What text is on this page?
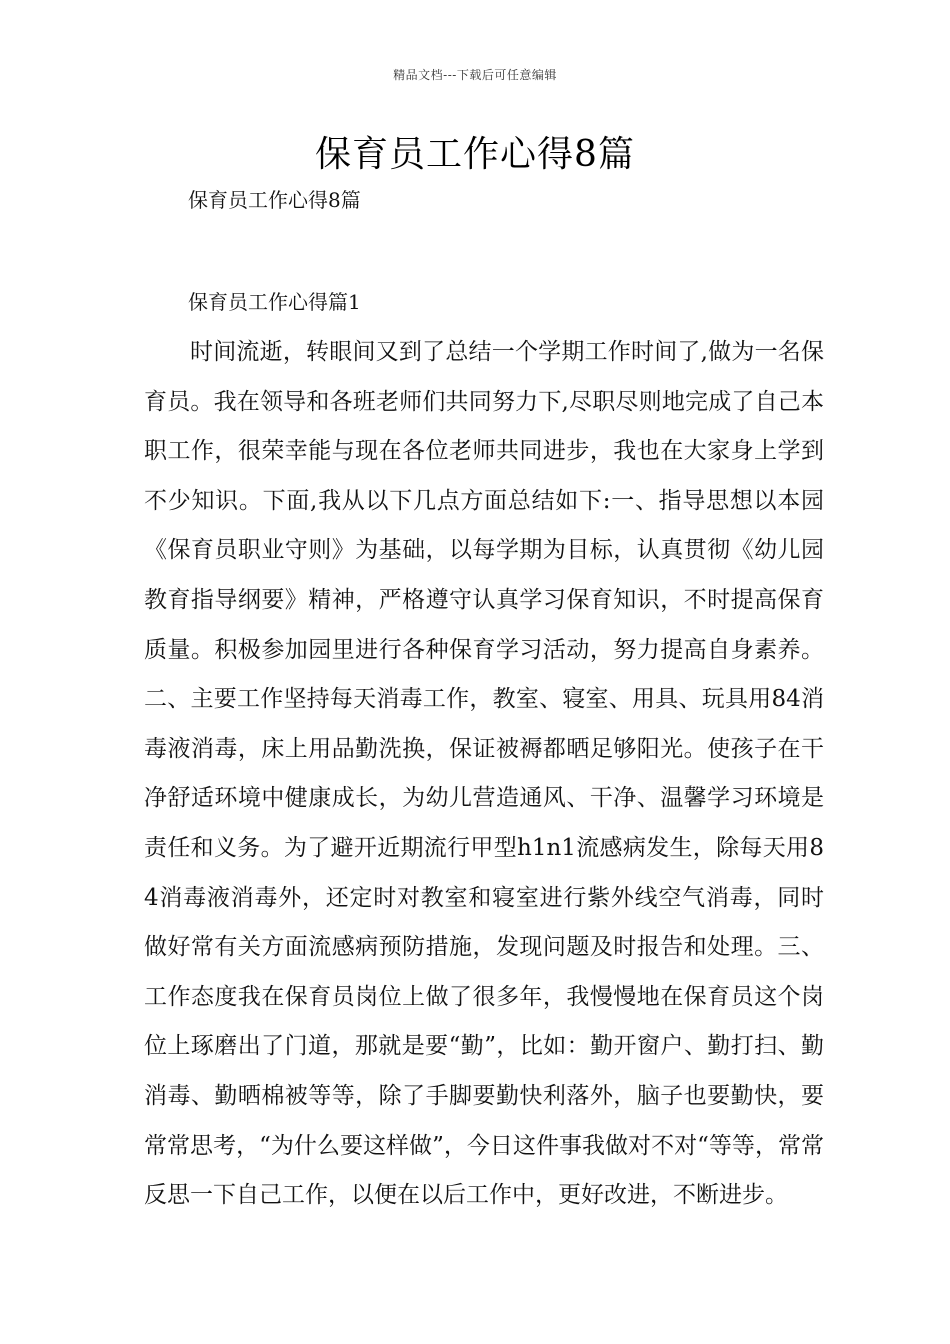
精品文档---下载后可任意编辑
保育员工作心得8篇
保育员工作心得8篇
保育员工作心得篇1

时间流逝，转眼间又到了总结一个学期工作时间了,做为一名保育员。我在领导和各班老师们共同努力下,尽职尽则地完成了自己本职工作，很荣幸能与现在各位老师共同进步，我也在大家身上学到不少知识。下面,我从以下几点方面总结如下:一、指导思想以本园《保育员职业守则》为基础，以每学期为目标，认真贯彻《幼儿园教育指导纲要》精神，严格遵守认真学习保育知识，不时提高保育质量。积极参加园里进行各种保育学习活动，努力提高自身素养。二、主要工作坚持每天消毒工作，教室、寝室、用具、玩具用84消毒液消毒，床上用品勤洗换，保证被褥都晒足够阳光。使孩子在干净舒适环境中健康成长，为幼儿营造通风、干净、温馨学习环境是责任和义务。为了避开近期流行甲型h1n1流感病发生，除每天用84消毒液消毒外，还定时对教室和寝室进行紫外线空气消毒，同时做好常有关方面流感病预防措施，发现问题及时报告和处理。三、工作态度我在保育员岗位上做了很多年，我慢慢地在保育员这个岗位上琢磨出了门道，那就是要“勤”，比如：勤开窗户、勤打扫、勤消毒、勤晒棉被等等，除了手脚要勤快利落外，脑子也要勤快，要常常思考，“为什么要这样做”，今日这件事我做对不对“等等，常常反思一下自己工作，以便在以后工作中，更好改进，不断进步。
